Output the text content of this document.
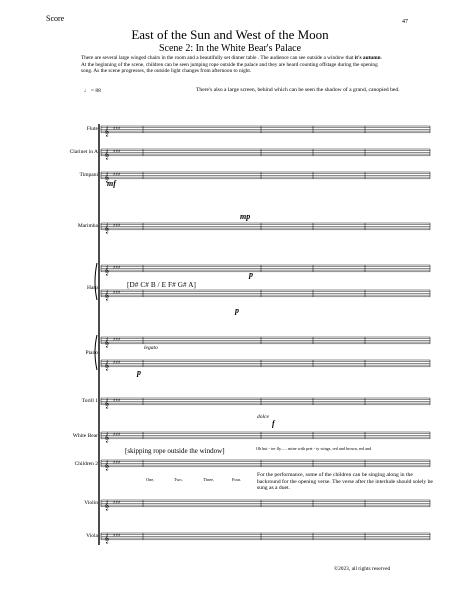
Score	47
East of the Sun and West of the Moon
Scene 2: In the White Bear's Palace
There are several large winged chairs in the room and a beautifully set dinner table . The audience can see outside a window that it's autumn.
At the beginning of the scene, children can be seen jumping rope outside the palace and they are heard counting offstage during the opening
song. As the scene progresses, the outside light changes from afternoon to night.
♩ = 88	There's also a large screen, behind which can be seen the shadow of a grand, canopied bed.
Flute
Clarinet in A
Timpani
Marimba
Harp
Piano
Torill 1
White Bear
Children 2
Violin
Viola
𝄞 ♯♯♯
𝄞 ♯♯♯
𝄞 ♯♯♯
𝄞 ♯♯♯
𝄞 ♯♯♯
𝄞 ♯♯♯
𝄞 ♯♯♯
𝄞 ♯♯♯
𝄞 ♯♯♯
𝄞 ♯♯♯
𝄞 ♯♯♯
𝄞 ♯♯♯
𝄞 ♯♯♯
mf
mp
p
p
p
f
[D# C# B / E F# G# A]
legato
dolce
[skipping rope outside the window]
One,	Two,	Three,	Four.
Oh but - ter fly...... mine with pret - ty wings, red and brown, red and
For the performance, some of the children can be singing along in the backround for the opening verse. The verse after the interlude should solely be sung as a duet.
©2023, all rights reserved
